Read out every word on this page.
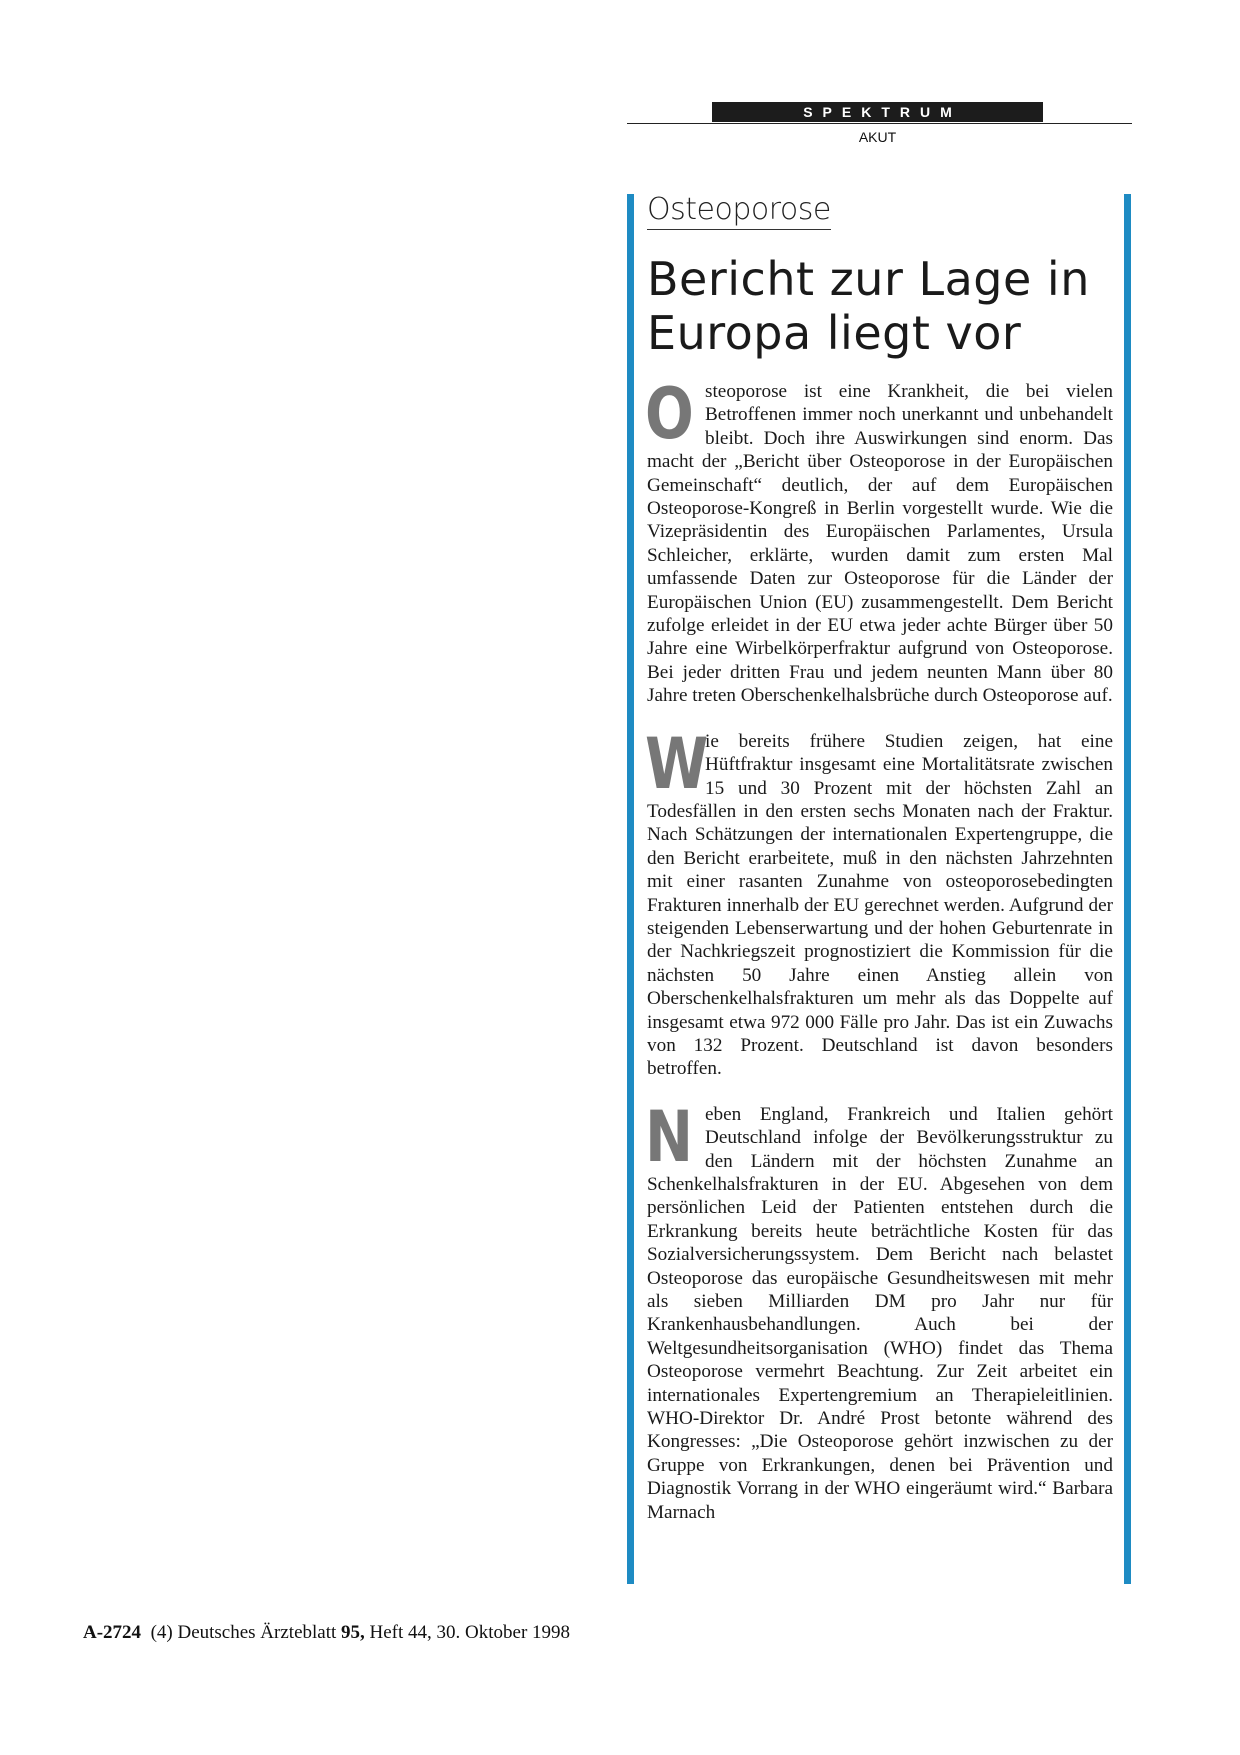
SPEKTRUM
AKUT
Osteoporose
Bericht zur Lage in
Europa liegt vor

Osteoporose ist eine Krankheit, die bei vielen Betroffenen immer noch unerkannt und unbehandelt bleibt. Doch ihre Auswirkungen sind enorm. Das macht der „Bericht über Osteoporose in der Europäischen Gemeinschaft“ deutlich, der auf dem Europäischen Osteoporose-Kongreß in Berlin vorgestellt wurde. Wie die Vizepräsidentin des Europäischen Parlamentes, Ursula Schleicher, erklärte, wurden damit zum ersten Mal umfassende Daten zur Osteoporose für die Länder der Europäischen Union (EU) zusammengestellt. Dem Bericht zufolge erleidet in der EU etwa jeder achte Bürger über 50 Jahre eine Wirbelkörperfraktur aufgrund von Osteoporose. Bei jeder dritten Frau und jedem neunten Mann über 80 Jahre treten Oberschenkelhalsbrüche durch Osteoporose auf.

W
ie bereits frühere Studien zeigen, hat eine Hüftfraktur insgesamt eine Mortalitätsrate zwischen 15 und 30 Prozent mit der höchsten Zahl an Todesfällen in den ersten sechs Monaten nach der Fraktur. Nach Schätzungen der internationalen Expertengruppe, die den Bericht erarbeitete, muß in den nächsten Jahrzehnten mit einer rasanten Zunahme von osteoporosebedingten Frakturen innerhalb der EU gerechnet werden. Aufgrund der steigenden Lebenserwartung und der hohen Geburtenrate in der Nachkriegszeit prognostiziert die Kommission für die nächsten 50 Jahre einen Anstieg allein von Oberschenkelhalsfrakturen um mehr als das Doppelte auf insgesamt etwa 972 000 Fälle pro Jahr. Das ist ein Zuwachs von 132 Prozent. Deutschland ist davon besonders betroffen.

Neben England, Frankreich und Italien gehört Deutschland infolge der Bevölkerungsstruktur zu den Ländern mit der höchsten Zunahme an Schenkelhalsfrakturen in der EU. Abgesehen von dem persönlichen Leid der Patienten entstehen durch die Erkrankung bereits heute beträchtliche Kosten für das Sozialversicherungssystem. Dem Bericht nach belastet Osteoporose das europäische Gesundheitswesen mit mehr als sieben Milliarden DM pro Jahr nur für Krankenhausbehandlungen. Auch bei der Weltgesundheitsorganisation (WHO) findet das Thema Osteoporose vermehrt Beachtung. Zur Zeit arbeitet ein internationales Expertengremium an Therapieleitlinien. WHO-Direktor Dr. André Prost betonte während des Kongresses: „Die Osteoporose gehört inzwischen zu der Gruppe von Erkrankungen, denen bei Prävention und Diagnostik Vorrang in der WHO eingeräumt wird.“ Barbara Marnach

A-2724 (4) Deutsches Ärzteblatt 95, Heft 44, 30. Oktober 1998
